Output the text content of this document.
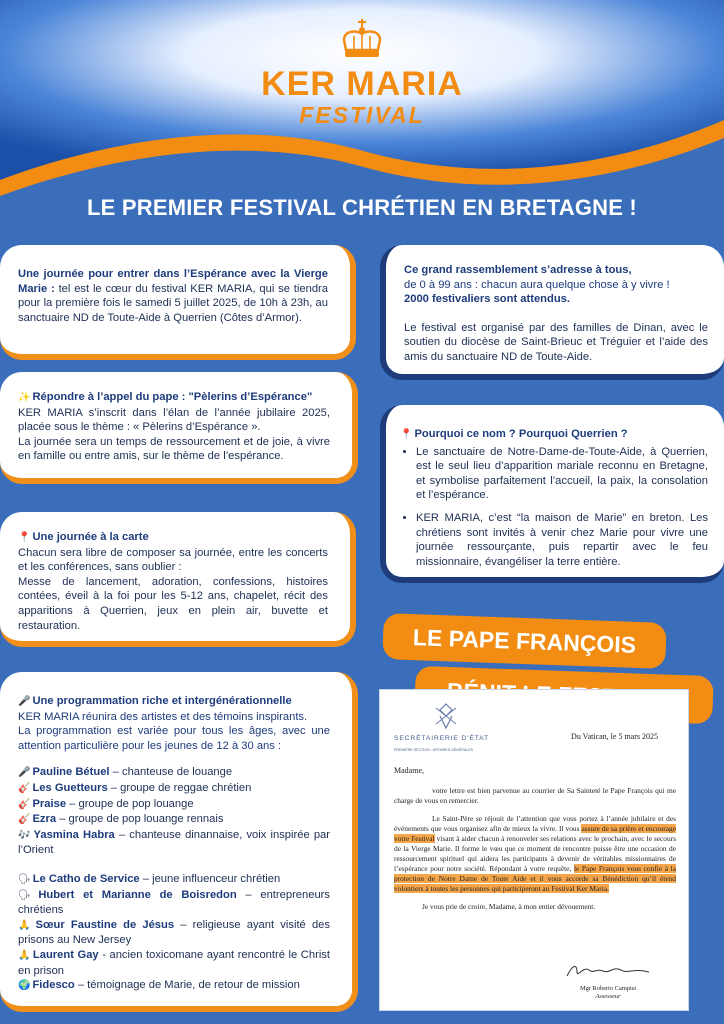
KER MARIA
FESTIVAL
LE PREMIER FESTIVAL CHRÉTIEN EN BRETAGNE !

Une journée pour entrer dans l’Espérance avec la Vierge Marie : tel est le cœur du festival KER MARIA, qui se tiendra pour la première fois le samedi 5 juillet 2025, de 10h à 23h, au sanctuaire ND de Toute-Aide à Querrien (Côtes d’Armor).

Ce grand rassemblement s’adresse à tous,

de 0 à 99 ans : chacun aura quelque chose à y vivre !

2000 festivaliers sont attendus.

Le festival est organisé par des familles de Dinan, avec le soutien du diocèse de Saint-Brieuc et Tréguier et l’aide des amis du sanctuaire ND de Toute-Aide.

✨ Répondre à l’appel du pape : "Pèlerins d’Espérance"

KER MARIA s’inscrit dans l’élan de l’année jubilaire 2025, placée sous le thème : « Pèlerins d’Espérance ».

La journée sera un temps de ressourcement et de joie, à vivre en famille ou entre amis, sur le thème de l’espérance.

📍 Pourquoi ce nom ? Pourquoi Querrien ?

• Le sanctuaire de Notre-Dame-de-Toute-Aide, à Querrien, est le seul lieu d’apparition mariale reconnu en Bretagne, et symbolise parfaitement l’accueil, la paix, la consolation et l’espérance.
• KER MARIA, c’est “la maison de Marie” en breton. Les chrétiens sont invités à venir chez Marie pour vivre une journée ressourçante, puis repartir avec le feu missionnaire, évangéliser la terre entière.

📍 Une journée à la carte

Chacun sera libre de composer sa journée, entre les concerts et les conférences, sans oublier :

Messe de lancement, adoration, confessions, histoires contées, éveil à la foi pour les 5-12 ans, chapelet, récit des apparitions à Querrien, jeux en plein air, buvette et restauration.	LE PAPE FRANÇOIS

🎤 Une programmation riche et intergénérationnelle

KER MARIA réunira des artistes et des témoins inspirants.

La programmation est variée pour tous les âges, avec une attention particulière pour les jeunes de 12 à 30 ans :

🎤 Pauline Bétuel – chanteuse de louange

🎸 Les Guetteurs – groupe de reggae chrétien

🎸 Praise – groupe de pop louange

🎸 Ezra – groupe de pop louange rennais

🎶 Yasmina Habra – chanteuse dinannaise, voix inspirée par l’Orient

🗣 Le Catho de Service – jeune influenceur chrétien

🗣 Hubert et Marianne de Boisredon – entrepreneurs chrétiens

🙏 Sœur Faustine de Jésus – religieuse ayant visité des prisons au New Jersey

🙏 Laurent Gay - ancien toxicomane ayant rencontré le Christ en prison

🌍 Fidesco – témoignage de Marie, de retour de mission

SECRÉTAIRERIE D’ÉTAT
PREMIÈRE SECTION - AFFAIRES GÉNÉRALES
Du Vatican, le 5 mars 2025

Madame,

votre lettre est bien parvenue au courrier de Sa Sainteté le Pape François qui me charge de vous en remercier.

Le Saint-Père se réjouit de l’attention que vous portez à l’année jubilaire et des évènements que vous organisez afin de mieux la vivre. Il vous assure de sa prière et encourage votre Festival visant à aider chacun à renouveler ses relations avec le prochain, avec le secours de la Vierge Marie. Il forme le vœu que ce moment de rencontre puisse être une occasion de ressourcement spirituel qui aidera les participants à devenir de véritables missionnaires de l’espérance pour notre société. Répondant à votre requête, le Pape François vous confie à la protection de Notre Dame de Toute Aide et il vous accorde sa Bénédiction qu’il étend volontiers à toutes les personnes qui participeront au Festival Ker Maria.

Je vous prie de croire, Madame, à mon entier dévouement.

Mgr Roberto Campisi
Assesseur
